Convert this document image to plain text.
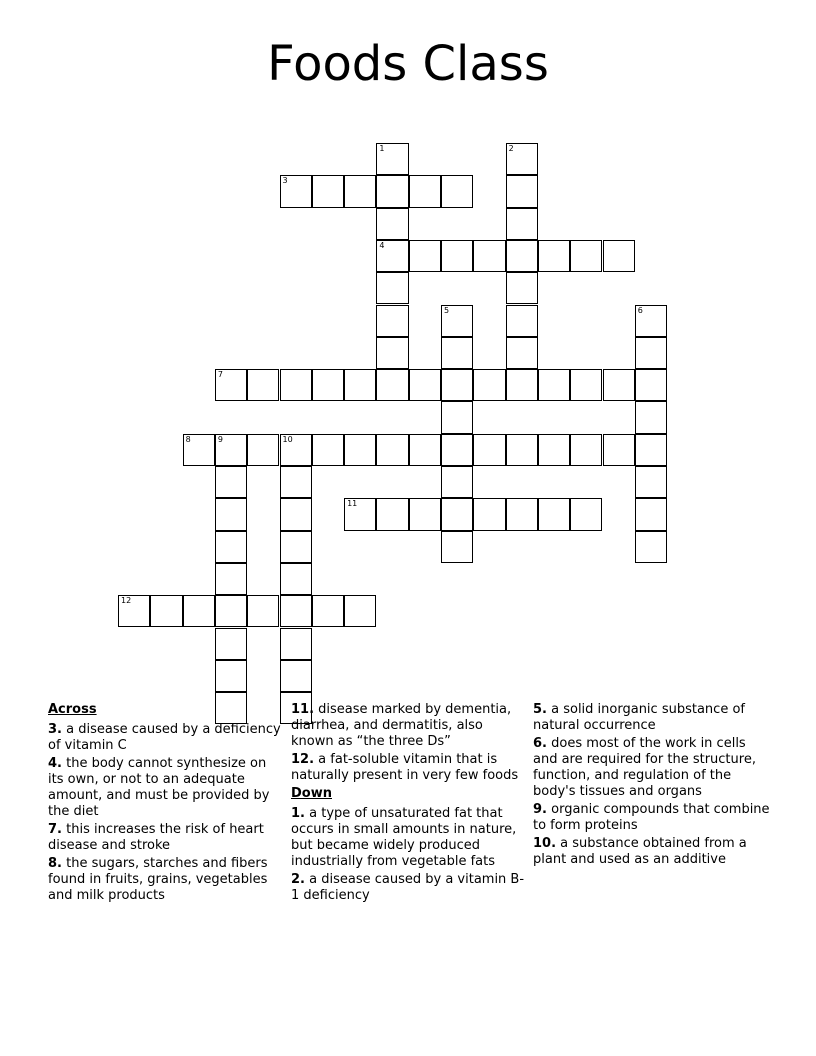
Foods Class
1
4
2
3
5	6
7
8	9	10
11
12
Across
3. a disease caused by a deficiency of vitamin C
4. the body cannot synthesize on its own, or not to an adequate amount, and must be provided by the diet
7. this increases the risk of heart disease and stroke
8. the sugars, starches and fibers found in fruits, grains, vegetables and milk products
11. disease marked by dementia, diarrhea, and dermatitis, also known as “the three Ds”
12. a fat-soluble vitamin that is naturally present in very few foods
Down
1. a type of unsaturated fat that occurs in small amounts in nature, but became widely produced industrially from vegetable fats
2. a disease caused by a vitamin B-1 deficiency
5. a solid inorganic substance of natural occurrence
6. does most of the work in cells and are required for the structure, function, and regulation of the body's tissues and organs
9. organic compounds that combine to form proteins
10. a substance obtained from a plant and used as an additive
